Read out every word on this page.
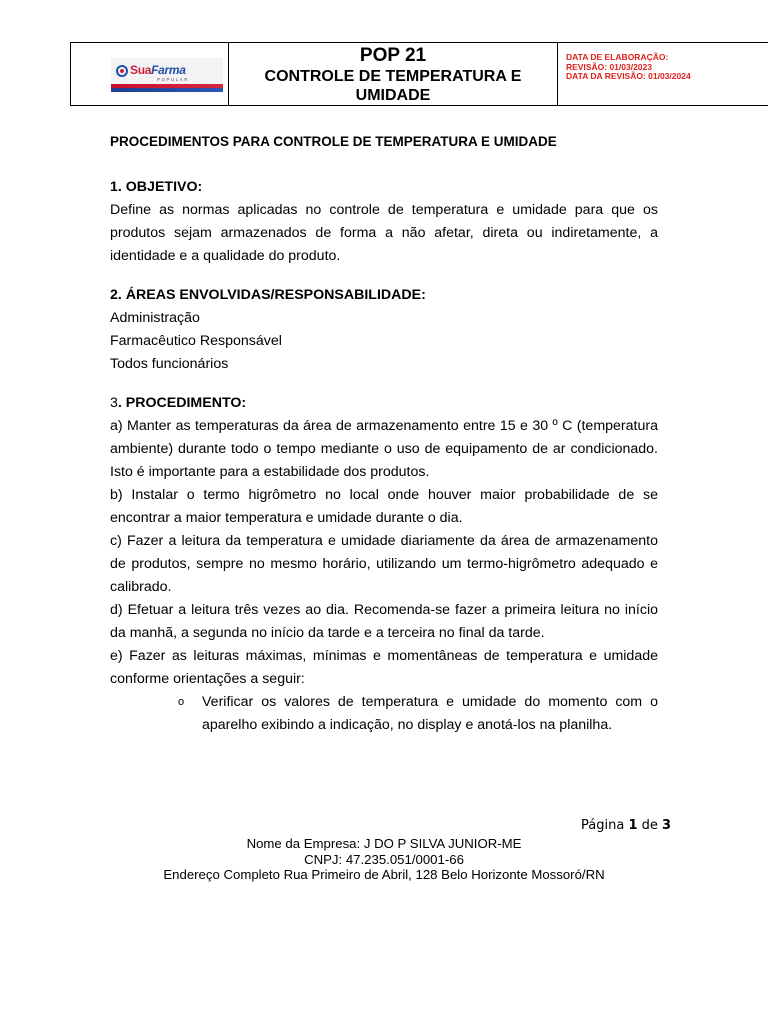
SuaFarma
POPULAR
POP 21
CONTROLE DE TEMPERATURA E UMIDADE
DATA DE ELABORAÇÃO:
REVISÃO: 01/03/2023
DATA DA REVISÃO: 01/03/2024
PROCEDIMENTOS PARA CONTROLE DE TEMPERATURA E UMIDADE
1. OBJETIVO:
Define as normas aplicadas no controle de temperatura e umidade para que os produtos sejam armazenados de forma a não afetar, direta ou indiretamente, a identidade e a qualidade do produto.
2. ÁREAS ENVOLVIDAS/RESPONSABILIDADE:
Administração
Farmacêutico Responsável
Todos funcionários
3. PROCEDIMENTO:
a) Manter as temperaturas da área de armazenamento entre 15 e 30 º C (temperatura ambiente) durante todo o tempo mediante o uso de equipamento de ar condicionado. Isto é importante para a estabilidade dos produtos.
b) Instalar o termo higrômetro no local onde houver maior probabilidade de se encontrar a maior temperatura e umidade durante o dia.
c) Fazer a leitura da temperatura e umidade diariamente da área de armazenamento de produtos, sempre no mesmo horário, utilizando um termo-higrômetro adequado e calibrado.
d) Efetuar a leitura três vezes ao dia. Recomenda-se fazer a primeira leitura no início da manhã, a segunda no início da tarde e a terceira no final da tarde.
e) Fazer as leituras máximas, mínimas e momentâneas de temperatura e umidade conforme orientações a seguir:
o	Verificar os valores de temperatura e umidade do momento com o aparelho exibindo a indicação, no display e anotá-los na planilha.
Página 1 de 3
Nome da Empresa: J DO P SILVA JUNIOR-ME
CNPJ: 47.235.051/0001-66
Endereço Completo Rua Primeiro de Abril, 128 Belo Horizonte Mossoró/RN
